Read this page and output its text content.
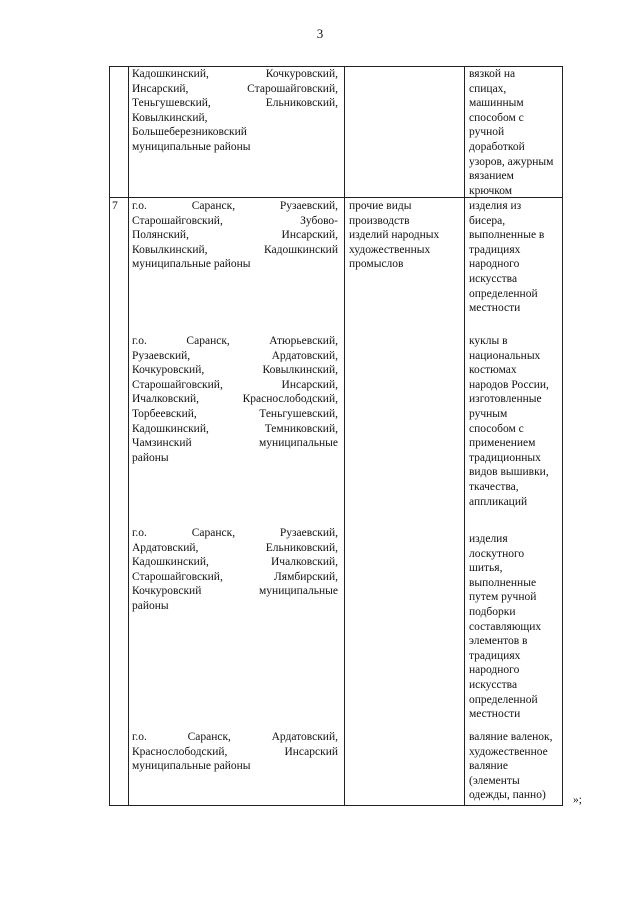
3
Кадошкинский, Кочкуровский,
Инсарский, Старошайговский,
Теньгушевский, Ельниковский,
Ковылкинский,
Большеберезниковский
муниципальные районы
вязкой на
спицах,
машинным
способом с
ручной
доработкой
узоров, ажурным
вязанием
крючком
7	г.о. Саранск, Рузаевский,
Старошайговский, Зубово-
Полянский, Инсарский,
Ковылкинский, Кадошкинский
муниципальные районы
прочие виды
производств
изделий народных
художественных
промыслов
изделия из
бисера,
выполненные в
традициях
народного
искусства
определенной
местности
г.о. Саранск, Атюрьевский,
Рузаевский, Ардатовский,
Кочкуровский, Ковылкинский,
Старошайговский, Инсарский,
Ичалковский, Краснослободский,
Торбеевский, Теньгушевский,
Кадошкинский, Темниковский,
Чамзинский муниципальные
районы
куклы в
национальных
костюмах
народов России,
изготовленные
ручным
способом с
применением
традиционных
видов вышивки,
ткачества,
аппликаций
г.о. Саранск, Рузаевский,
Ардатовский, Ельниковский,
Кадошкинский, Ичалковский,
Старошайговский, Лямбирский,
Кочкуровский муниципальные
районы
изделия
лоскутного
шитья,
выполненные
путем ручной
подборки
составляющих
элементов в
традициях
народного
искусства
определенной
местности
г.о. Саранск, Ардатовский,
Краснослободский, Инсарский
муниципальные районы
валяние валенок,
художественное
валяние
(элементы
одежды, панно)	»;
